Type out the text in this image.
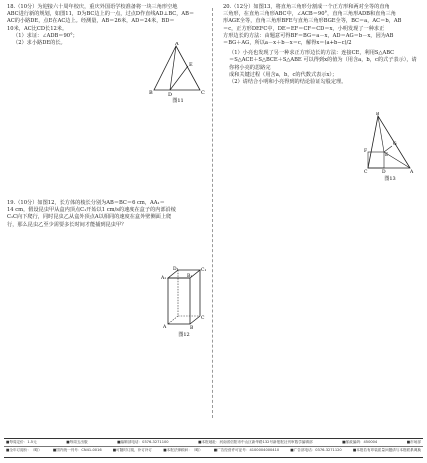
18.（10分）为迎接六十周年校庆，重庆外国语学校准备将一块三角形空地
ABC进行新的规划，如图11，D为BC边上的一点，过点D作直线AD⊥BC，AB＝
AC的小路DE，点E在AC边上。经测量，AB＝26米，AD＝24米，BD＝
10米，AC比CD长12米。
（1）求证：∠ADB＝90°；
（2）求小路DE的长。
19.（10分）如图12，长方体的棱长分别为AB＝BC＝6 cm，AA₁＝
14 cm，假设昆虫甲从盒内顶点C₁开始以1 cm/s的速度在盒子的内部沿棱
C₁C向下爬行，同时昆虫乙从盒外顶点A以相同的速度在盒外壁侧面上爬
行，那么昆虫乙至少需要多长时间才能捕到昆虫甲？
A
B	C
D
E
图11
D₁	C₁
A₁	B₁
A	B
C
图12
20.（12分）如图13，将直角三角形分割成一个正方形和两对全等的直角
三角形，在直角三角形ABC中，∠ACB＝90°，直角三角形ADB和直角三角
形AGE全等，直角三角形BFE与直角三角形BGE全等，BC＝a，AC＝b，AB
＝c，正方形DEFC中，DE＝EF＝CF＝CD＝x，小明发现了一种求正
方形边长的方法：由题意可得BF＝BG＝a－x，AD＝AG＝b－x，因为AB
＝BG＋AG，所以a－x＋b－x＝c，解得x＝(a+b−c)/2
（1）小亮也发现了另一种求正方形边长的方法：连接CE，利用S△ABC
＝S△ACE＋S△BCE＋S△ABE 可以得到x的值为（用含a，b，c的式子表示），请你将小亮的思路完
成和关键过程（用含a，b，c的代数式表示x）；
（2）请结合小明和小亮得到的结论验证勾股定理。
B
G
F
E
C	D	A
图13
■每周定价：1.5元	■每周五出版	■编辑部电话：0376-3271100	■本报地址：河南省信阳市中山区新华路132号新报报社刊审数学编辑部	■邮政编码：450004	■市场部
■全年订阅价：（略）	■国内统一刊号：CN41-0016	■可随时订阅，补订补订	■本报法律顾问：（略）	■广告经营许可证号：4100004000410	■广告部电话：0376-3271120	■本报若有印装质量问题请与本报联系调换
